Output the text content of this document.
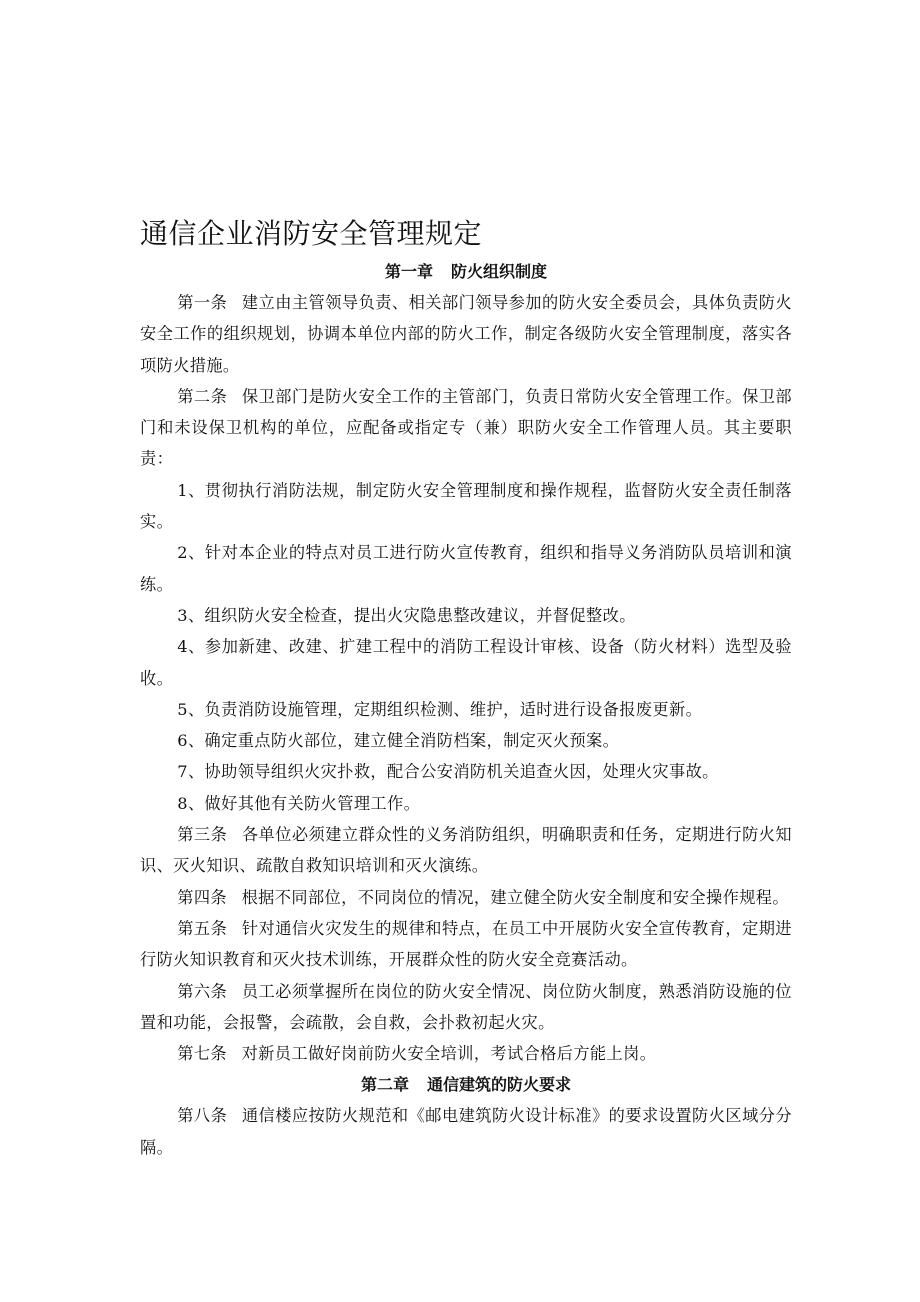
通信企业消防安全管理规定

第一章 防火组织制度

第一条 建立由主管领导负责、相关部门领导参加的防火安全委员会，具体负责防火安全工作的组织规划，协调本单位内部的防火工作，制定各级防火安全管理制度，落实各项防火措施。

第二条 保卫部门是防火安全工作的主管部门，负责日常防火安全管理工作。保卫部门和未设保卫机构的单位，应配备或指定专（兼）职防火安全工作管理人员。其主要职责：

1、贯彻执行消防法规，制定防火安全管理制度和操作规程，监督防火安全责任制落实。

2、针对本企业的特点对员工进行防火宣传教育，组织和指导义务消防队员培训和演练。

3、组织防火安全检查，提出火灾隐患整改建议，并督促整改。

4、参加新建、改建、扩建工程中的消防工程设计审核、设备（防火材料）选型及验收。

5、负责消防设施管理，定期组织检测、维护，适时进行设备报废更新。

6、确定重点防火部位，建立健全消防档案，制定灭火预案。

7、协助领导组织火灾扑救，配合公安消防机关追查火因，处理火灾事故。

8、做好其他有关防火管理工作。

第三条 各单位必须建立群众性的义务消防组织，明确职责和任务，定期进行防火知识、灭火知识、疏散自救知识培训和灭火演练。

第四条 根据不同部位，不同岗位的情况，建立健全防火安全制度和安全操作规程。

第五条 针对通信火灾发生的规律和特点，在员工中开展防火安全宣传教育，定期进行防火知识教育和灭火技术训练，开展群众性的防火安全竞赛活动。

第六条 员工必须掌握所在岗位的防火安全情况、岗位防火制度，熟悉消防设施的位置和功能，会报警，会疏散，会自救，会扑救初起火灾。

第七条 对新员工做好岗前防火安全培训，考试合格后方能上岗。

第二章 通信建筑的防火要求

第八条 通信楼应按防火规范和《邮电建筑防火设计标准》的要求设置防火区域分分隔。
